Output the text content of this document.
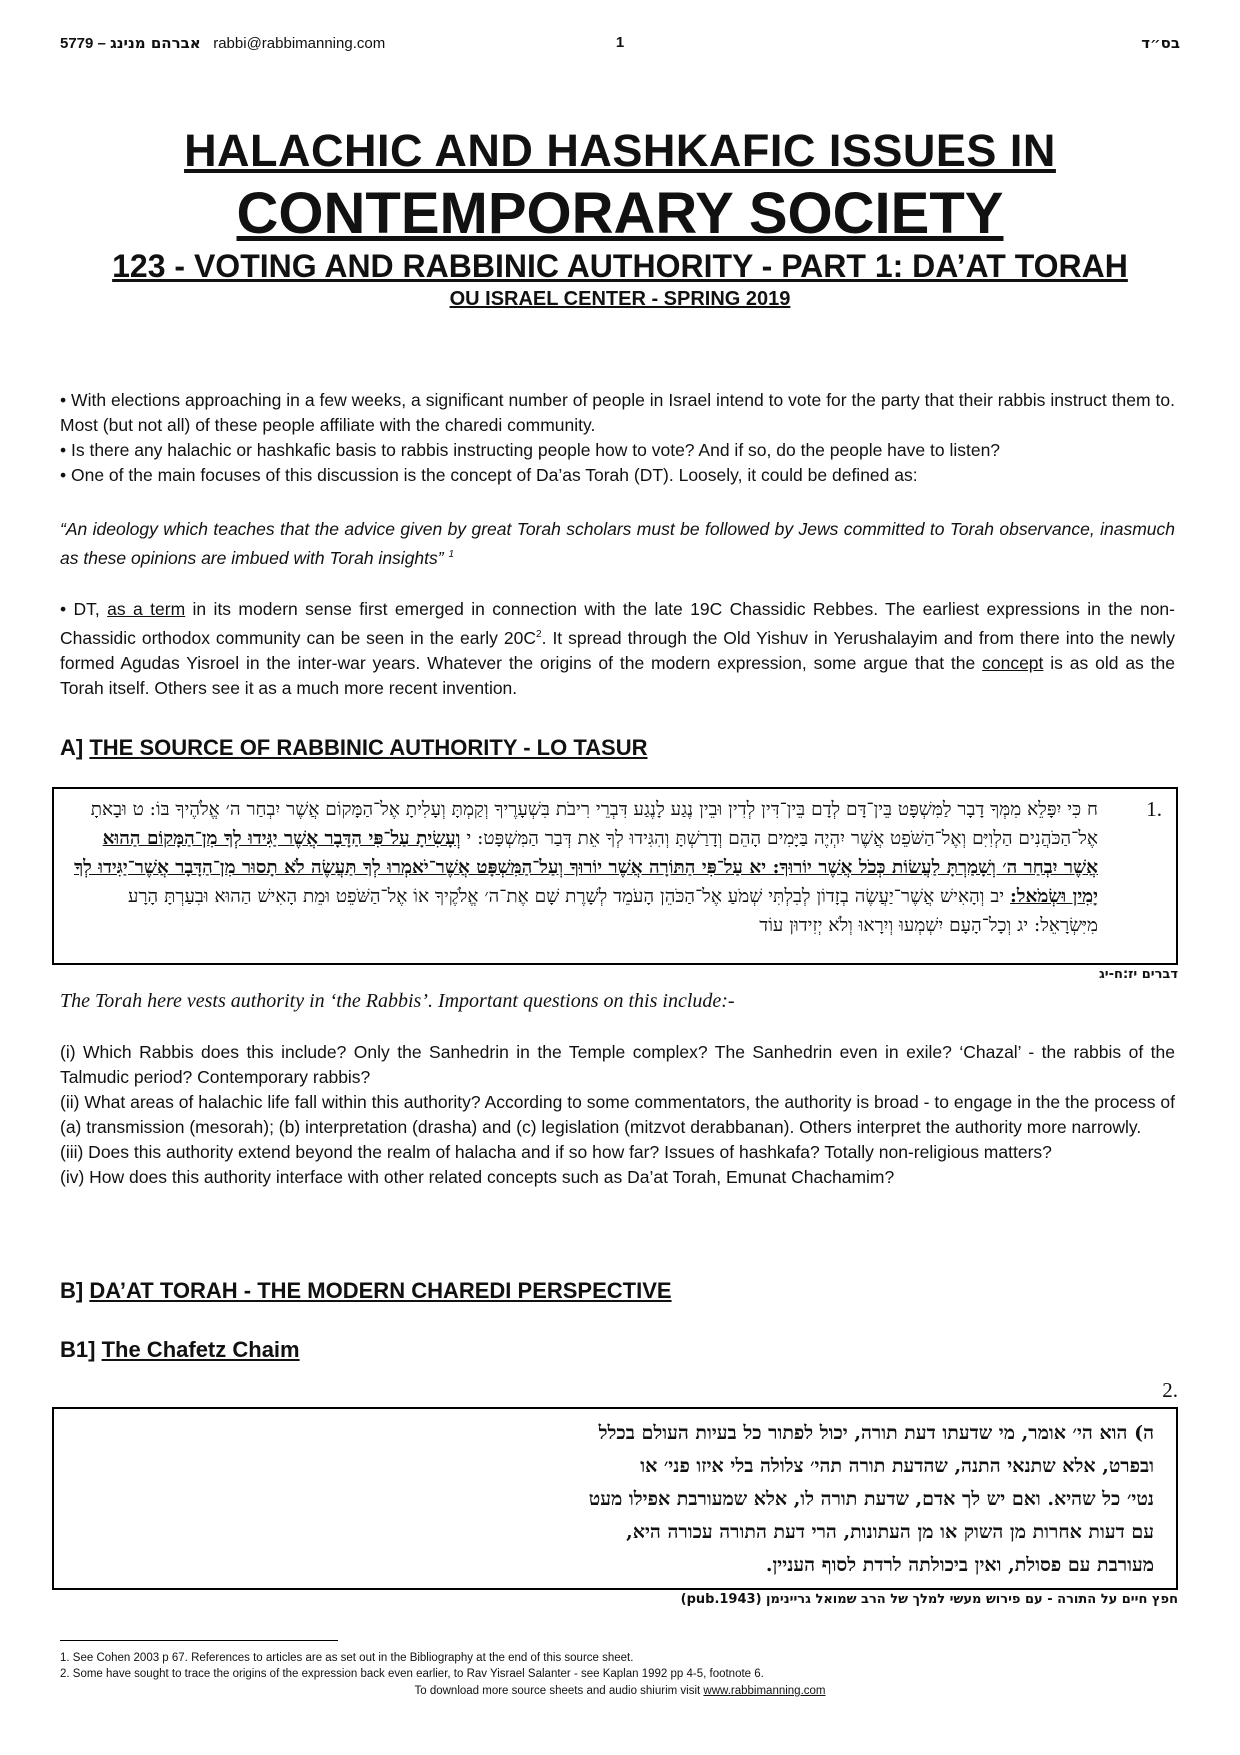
5779 – אברהם מנינג rabbi@rabbimanning.com	1	בס״ד
HALACHIC AND HASHKAFIC ISSUES IN
CONTEMPORARY SOCIETY
123 - VOTING AND RABBINIC AUTHORITY - PART 1: DA’AT TORAH
OU ISRAEL CENTER - SPRING 2019
• With elections approaching in a few weeks, a significant number of people in Israel intend to vote for the party that their rabbis instruct them to. Most (but not all) of these people affiliate with the charedi community.
• Is there any halachic or hashkafic basis to rabbis instructing people how to vote? And if so, do the people have to listen?
• One of the main focuses of this discussion is the concept of Da’as Torah (DT). Loosely, it could be defined as:
“An ideology which teaches that the advice given by great Torah scholars must be followed by Jews committed to Torah observance, inasmuch as these opinions are imbued with Torah insights” $^1$
• DT, as a term in its modern sense first emerged in connection with the late 19C Chassidic Rebbes. The earliest expressions in the non-Chassidic orthodox community can be seen in the early $20C^2$. It spread through the Old Yishuv in Yerushalayim and from there into the newly formed Agudas Yisroel in the inter-war years. Whatever the origins of the modern expression, some argue that the concept is as old as the Torah itself. Others see it as a much more recent invention.
A] THE SOURCE OF RABBINIC AUTHORITY - LO TASUR
ח כִּי יִפָּלֵא מִמְּךָ דָבָר לַמִּשְׁפָּט בֵּין־דָּם לְדָם בֵּין־דִּין לְדִין וּבֵין נֶגַע לָנֶגַע דִּבְרֵי רִיבֹת בִּשְׁעָרֶיךָ וְקַמְתָּ וְעָלִיתָ אֶל־הַמָּקוֹם אֲשֶׁר יִבְחַר ה׳ אֱלֹהֶיךָ בּוֹ: ט וּבָאתָ אֶל־הַכֹּהֲנִים הַלְוִיִּם וְאֶל־הַשֹּׁפֵט אֲשֶׁר יִהְיֶה בַּיָּמִים הָהֵם וְדָרַשְׁתָּ וְהִגִּידוּ לְךָ אֵת דְּבַר הַמִּשְׁפָּט: י וְעָשִׂיתָ עַל־פִּי הַדָּבָר אֲשֶׁר יַגִּידוּ לְךָ מִן־הַמָּקוֹם הַהוּא אֲשֶׁר יִבְחַר ה׳ וְשָׁמַרְתָּ לַעֲשׂוֹת כְּכֹל אֲשֶׁר יוֹרוּךָ: יא עַל־פִּי הַתּוֹרָה אֲשֶׁר יוֹרוּךָ וְעַל־הַמִּשְׁפָּט אֲשֶׁר־יֹאמְרוּ לְךָ תַּעֲשֶׂה לֹא תָסוּר מִן־הַדָּבָר אֲשֶׁר־יַגִּידוּ לְךָ יָמִין וּשְׂמֹאל: יב וְהָאִישׁ אֲשֶׁר־יַעֲשֶׂה בְזָדוֹן לְבִלְתִּי שְׁמֹעַ אֶל־הַכֹּהֵן הָעֹמֵד לְשָׁרֶת שָׁם אֶת־ה׳ אֱלֹקֶיךָ אוֹ אֶל־הַשֹּׁפֵט וּמֵת הָאִישׁ הַהוּא וּבִעַרְתָּ הָרָע מִיִּשְׂרָאֵל: יג וְכָל־הָעָם יִשְׁמְעוּ וְיִרָאוּ וְלֹא יְזִידוּן עוֹד
1.
דברים יז:ח-יג
The Torah here vests authority in ‘the Rabbis’. Important questions on this include:-
(i) Which Rabbis does this include? Only the Sanhedrin in the Temple complex? The Sanhedrin even in exile? ‘Chazal’ - the rabbis of the Talmudic period? Contemporary rabbis?
(ii) What areas of halachic life fall within this authority? According to some commentators, the authority is broad - to engage in the the process of (a) transmission (mesorah); (b) interpretation (drasha) and (c) legislation (mitzvot derabbanan). Others interpret the authority more narrowly.
(iii) Does this authority extend beyond the realm of halacha and if so how far? Issues of hashkafa? Totally non-religious matters?
(iv) How does this authority interface with other related concepts such as Da’at Torah, Emunat Chachamim?
B] DA’AT TORAH - THE MODERN CHAREDI PERSPECTIVE
B1] The Chafetz Chaim
2.
ה) הוא הי׳ אומר, מי שדעתו דעת תורה, יכול לפתור כל בעיות העולם בכלל
ובפרט, אלא שתנאי התנה, שהדעת תורה תהי׳ צלולה בלי איזו פני׳ או
נטי׳ כל שהיא. ואם יש לך אדם, שדעת תורה לו, אלא שמעורבת אפילו מעט
עם דעות אחרות מן השוק או מן העתונות, הרי דעת התורה עכורה היא,
מעורבת עם פסולת, ואין ביכולתה לרדת לסוף העניין.
חפץ חיים על התורה - עם פירוש מעשי למלך של הרב שמואל גריינימן (pub.1943)
1. See Cohen 2003 p 67. References to articles are as set out in the Bibliography at the end of this source sheet.
2. Some have sought to trace the origins of the expression back even earlier, to Rav Yisrael Salanter - see Kaplan 1992 pp 4-5, footnote 6.
To download more source sheets and audio shiurim visit www.rabbimanning.com
